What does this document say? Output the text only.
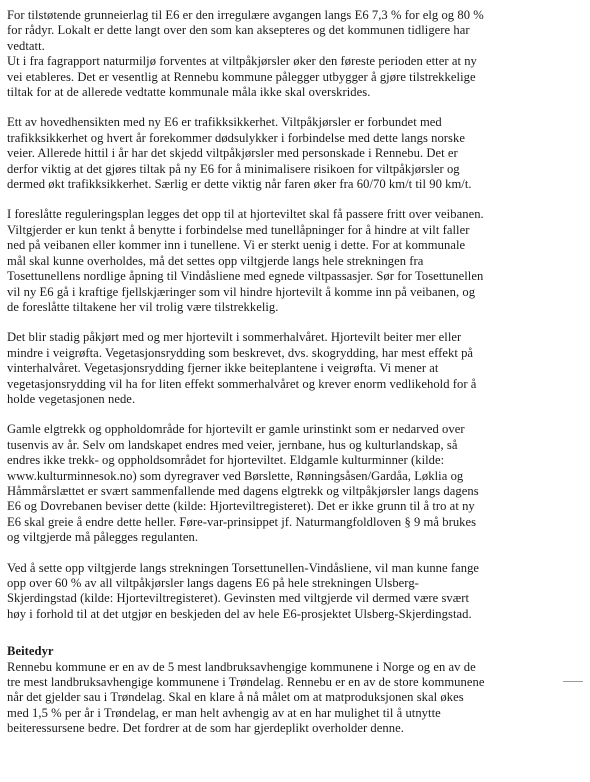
For tilstøtende grunneierlag til E6 er den irregulære avgangen langs E6 7,3 % for elg og 80 %
for rådyr. Lokalt er dette langt over den som kan aksepteres og det kommunen tidligere har
vedtatt.
Ut i fra fagrapport naturmiljø forventes at viltpåkjørsler øker den føreste perioden etter at ny
vei etableres. Det er vesentlig at Rennebu kommune pålegger utbygger å gjøre tilstrekkelige
tiltak for at de allerede vedtatte kommunale måla ikke skal overskrides.

Ett av hovedhensikten med ny E6 er trafikksikkerhet. Viltpåkjørsler er forbundet med
trafikksikkerhet og hvert år forekommer dødsulykker i forbindelse med dette langs norske
veier. Allerede hittil i år har det skjedd viltpåkjørsler med personskade i Rennebu. Det er
derfor viktig at det gjøres tiltak på ny E6 for å minimalisere risikoen for viltpåkjørsler og
dermed økt trafikksikkerhet. Særlig er dette viktig når faren øker fra 60/70 km/t til 90 km/t.

I foreslåtte reguleringsplan legges det opp til at hjorteviltet skal få passere fritt over veibanen.
Viltgjerder er kun tenkt å benytte i forbindelse med tunellåpninger for å hindre at vilt faller
ned på veibanen eller kommer inn i tunellene. Vi er sterkt uenig i dette. For at kommunale
mål skal kunne overholdes, må det settes opp viltgjerde langs hele strekningen fra
Tosettunellens nordlige åpning til Vindåsliene med egnede viltpassasjer. Sør for Tosettunellen
vil ny E6 gå i kraftige fjellskjæringer som vil hindre hjortevilt å komme inn på veibanen, og
de foreslåtte tiltakene her vil trolig være tilstrekkelig.

Det blir stadig påkjørt med og mer hjortevilt i sommerhalvåret. Hjortevilt beiter mer eller
mindre i veigrøfta. Vegetasjonsrydding som beskrevet, dvs. skogrydding, har mest effekt på
vinterhalvåret. Vegetasjonsrydding fjerner ikke beiteplantene i veigrøfta. Vi mener at
vegetasjonsrydding vil ha for liten effekt sommerhalvåret og krever enorm vedlikehold for å
holde vegetasjonen nede.

Gamle elgtrekk og oppholdområde for hjortevilt er gamle urinstinkt som er nedarved over
tusenvis av år. Selv om landskapet endres med veier, jernbane, hus og kulturlandskap, så
endres ikke trekk- og oppholdsområdet for hjorteviltet. Eldgamle kulturminner (kilde:
www.kulturminnesok.no) som dyregraver ved Børslette, Rønningsåsen/Gardåa, Løklia og
Håmmårslættet er svært sammenfallende med dagens elgtrekk og viltpåkjørsler langs dagens
E6 og Dovrebanen beviser dette (kilde: Hjorteviltregisteret). Det er ikke grunn til å tro at ny
E6 skal greie å endre dette heller. Føre-var-prinsippet jf. Naturmangfoldloven § 9 må brukes
og viltgjerde må pålegges regulanten.

Ved å sette opp viltgjerde langs strekningen Torsettunellen-Vindåsliene, vil man kunne fange
opp over 60 % av all viltpåkjørsler langs dagens E6 på hele strekningen Ulsberg-
Skjerdingstad (kilde: Hjorteviltregisteret). Gevinsten med viltgjerde vil dermed være svært
høy i forhold til at det utgjør en beskjeden del av hele E6-prosjektet Ulsberg-Skjerdingstad.

Beitedyr

Rennebu kommune er en av de 5 mest landbruksavhengige kommunene i Norge og en av de
tre mest landbruksavhengige kommunene i Trøndelag. Rennebu er en av de store kommunene
når det gjelder sau i Trøndelag. Skal en klare å nå målet om at matproduksjonen skal økes
med 1,5 % per år i Trøndelag, er man helt avhengig av at en har mulighet til å utnytte
beiteressursene bedre. Det fordrer at de som har gjerdeplikt overholder denne.
